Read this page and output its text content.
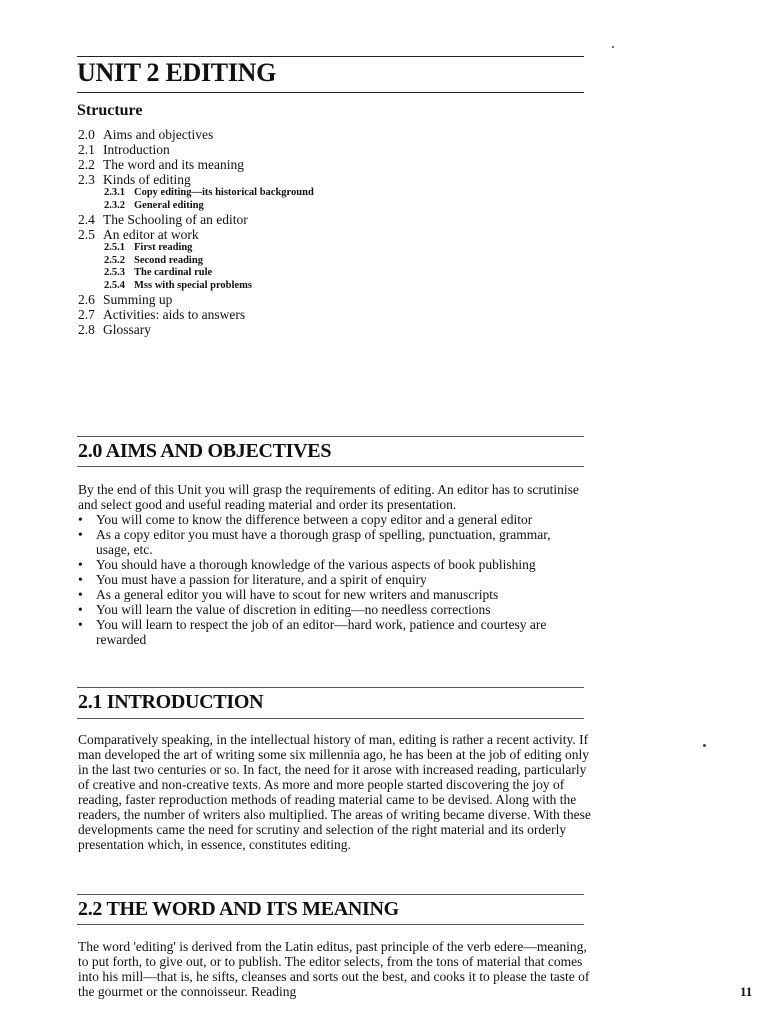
UNIT 2 EDITING
Structure
2.0 Aims and objectives
2.1 Introduction
2.2 The word and its meaning
2.3 Kinds of editing
2.3.1 Copy editing—its historical background
2.3.2 General editing
2.4 The Schooling of an editor
2.5 An editor at work
2.5.1 First reading
2.5.2 Second reading
2.5.3 The cardinal rule
2.5.4 Mss with special problems
2.6 Summing up
2.7 Activities: aids to answers
2.8 Glossary
2.0 AIMS AND OBJECTIVES

By the end of this Unit you will grasp the requirements of editing. An editor has to scrutinise and select good and useful reading material and order its presentation.

• You will come to know the difference between a copy editor and a general editor
• As a copy editor you must have a thorough grasp of spelling, punctuation, grammar, usage, etc.
• You should have a thorough knowledge of the various aspects of book publishing
• You must have a passion for literature, and a spirit of enquiry
• As a general editor you will have to scout for new writers and manuscripts
• You will learn the value of discretion in editing—no needless corrections
• You will learn to respect the job of an editor—hard work, patience and courtesy are rewarded
2.1 INTRODUCTION

Comparatively speaking, in the intellectual history of man, editing is rather a recent activity. If man developed the art of writing some six millennia ago, he has been at the job of editing only in the last two centuries or so. In fact, the need for it arose with increased reading, particularly of creative and non-creative texts. As more and more people started discovering the joy of reading, faster reproduction methods of reading material came to be devised. Along with the readers, the number of writers also multiplied. The areas of writing became diverse. With these developments came the need for scrutiny and selection of the right material and its orderly presentation which, in essence, constitutes editing.

2.2 THE WORD AND ITS MEANING

The word 'editing' is derived from the Latin editus, past principle of the verb edere—meaning, to put forth, to give out, or to publish. The editor selects, from the tons of material that comes into his mill—that is, he sifts, cleanses and sorts out the best, and cooks it to please the taste of the gourmet or the connoisseur. Reading	11
